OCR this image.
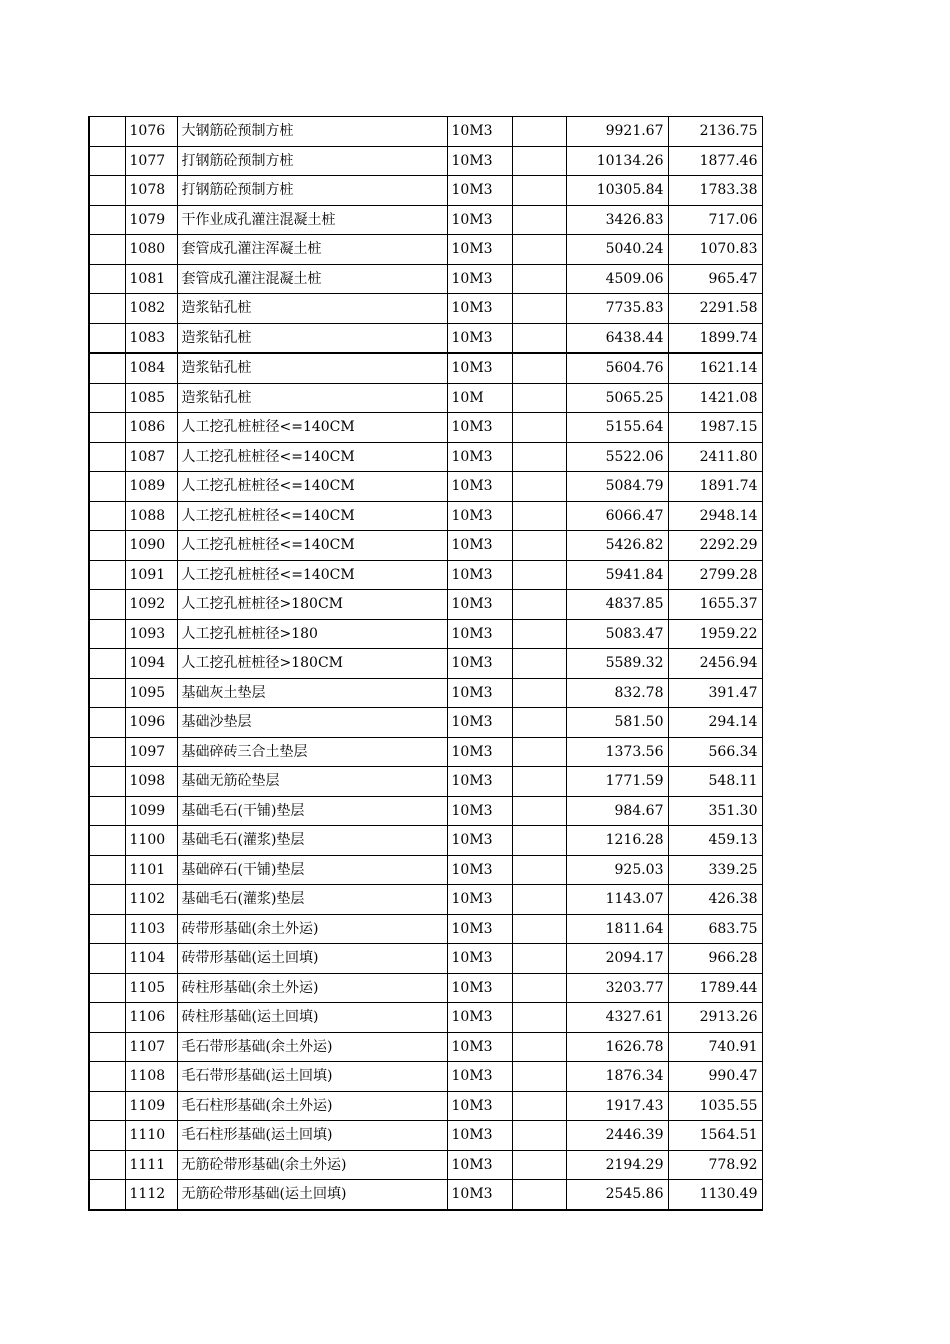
	1076	大钢筋砼预制方桩	10M3		9921.67	2136.75
	1077	打钢筋砼预制方桩	10M3		10134.26	1877.46
	1078	打钢筋砼预制方桩	10M3		10305.84	1783.38
	1079	干作业成孔灌注混凝土桩	10M3		3426.83	717.06
	1080	套管成孔灌注浑凝土桩	10M3		5040.24	1070.83
	1081	套管成孔灌注混凝土桩	10M3		4509.06	965.47
	1082	造浆钻孔桩	10M3		7735.83	2291.58
	1083	造浆钻孔桩	10M3		6438.44	1899.74
	1084	造浆钻孔桩	10M3		5604.76	1621.14
	1085	造浆钻孔桩	10M		5065.25	1421.08
	1086	人工挖孔桩桩径<=140CM	10M3		5155.64	1987.15
	1087	人工挖孔桩桩径<=140CM	10M3		5522.06	2411.80
	1089	人工挖孔桩桩径<=140CM	10M3		5084.79	1891.74
	1088	人工挖孔桩桩径<=140CM	10M3		6066.47	2948.14
	1090	人工挖孔桩桩径<=140CM	10M3		5426.82	2292.29
	1091	人工挖孔桩桩径<=140CM	10M3		5941.84	2799.28
	1092	人工挖孔桩桩径>180CM	10M3		4837.85	1655.37
	1093	人工挖孔桩桩径>180	10M3		5083.47	1959.22
	1094	人工挖孔桩桩径>180CM	10M3		5589.32	2456.94
	1095	基础灰土垫层	10M3		832.78	391.47
	1096	基础沙垫层	10M3		581.50	294.14
	1097	基础碎砖三合土垫层	10M3		1373.56	566.34
	1098	基础无筋砼垫层	10M3		1771.59	548.11
	1099	基础毛石(干铺)垫层	10M3		984.67	351.30
	1100	基础毛石(灌浆)垫层	10M3		1216.28	459.13
	1101	基础碎石(干铺)垫层	10M3		925.03	339.25
	1102	基础毛石(灌浆)垫层	10M3		1143.07	426.38
	1103	砖带形基础(余土外运)	10M3		1811.64	683.75
	1104	砖带形基础(运土回填)	10M3		2094.17	966.28
	1105	砖柱形基础(余土外运)	10M3		3203.77	1789.44
	1106	砖柱形基础(运土回填)	10M3		4327.61	2913.26
	1107	毛石带形基础(余土外运)	10M3		1626.78	740.91
	1108	毛石带形基础(运土回填)	10M3		1876.34	990.47
	1109	毛石柱形基础(余土外运)	10M3		1917.43	1035.55
	1110	毛石柱形基础(运土回填)	10M3		2446.39	1564.51
	1111	无筋砼带形基础(余土外运)	10M3		2194.29	778.92
	1112	无筋砼带形基础(运土回填)	10M3		2545.86	1130.49
